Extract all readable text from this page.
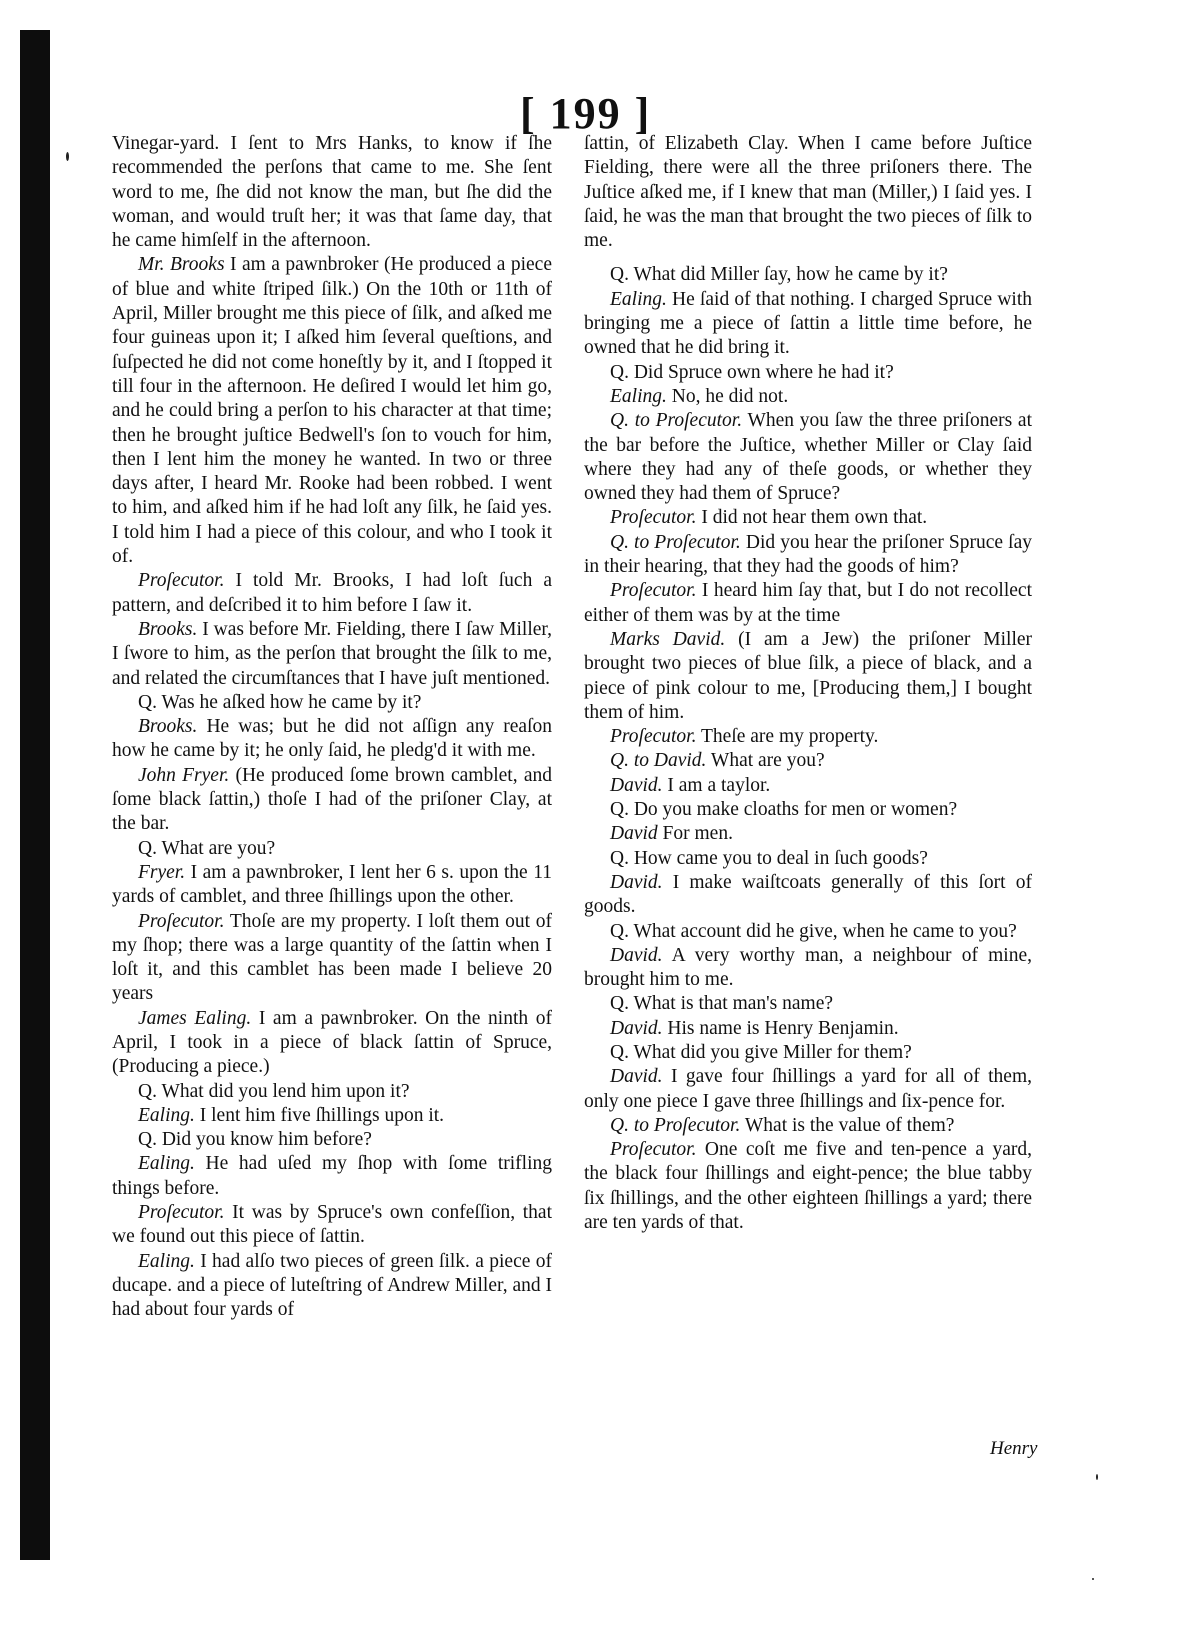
[ 199 ]

Vinegar-yard. I ſent to Mrs Hanks, to know if ſhe recommended the perſons that came to me. She ſent word to me, ſhe did not know the man, but ſhe did the woman, and would truſt her; it was that ſame day, that he came himſelf in the afternoon.

Mr. Brooks I am a pawnbroker (He produced a piece of blue and white ſtriped ſilk.) On the 10th or 11th of April, Miller brought me this piece of ſilk, and aſked me four guineas upon it; I aſked him ſeveral queſtions, and ſuſpected he did not come honeſtly by it, and I ſtopped it till four in the afternoon. He deſired I would let him go, and he could bring a perſon to his character at that time; then he brought juſtice Bedwell's ſon to vouch for him, then I lent him the money he wanted. In two or three days after, I heard Mr. Rooke had been robbed. I went to him, and aſked him if he had loſt any ſilk, he ſaid yes. I told him I had a piece of this colour, and who I took it of.

Proſecutor. I told Mr. Brooks, I had loſt ſuch a pattern, and deſcribed it to him before I ſaw it.

Brooks. I was before Mr. Fielding, there I ſaw Miller, I ſwore to him, as the perſon that brought the ſilk to me, and related the circumſtances that I have juſt mentioned.

Q. Was he aſked how he came by it?

Brooks. He was; but he did not aſſign any reaſon how he came by it; he only ſaid, he pledg'd it with me.

John Fryer. (He produced ſome brown camblet, and ſome black ſattin,) thoſe I had of the priſoner Clay, at the bar.

Q. What are you?

Fryer. I am a pawnbroker, I lent her 6 s. upon the 11 yards of camblet, and three ſhillings upon the other.

Proſecutor. Thoſe are my property. I loſt them out of my ſhop; there was a large quantity of the ſattin when I loſt it, and this camblet has been made I believe 20 years

James Ealing. I am a pawnbroker. On the ninth of April, I took in a piece of black ſattin of Spruce, (Producing a piece.)

Q. What did you lend him upon it?

Ealing. I lent him five ſhillings upon it.

Q. Did you know him before?

Ealing. He had uſed my ſhop with ſome trifling things before.

Proſecutor. It was by Spruce's own confeſſion, that we found out this piece of ſattin.

Ealing. I had alſo two pieces of green ſilk. a piece of ducape. and a piece of luteſtring of Andrew Miller, and I had about four yards of

ſattin, of Elizabeth Clay. When I came before Juſtice Fielding, there were all the three priſoners there. The Juſtice aſked me, if I knew that man (Miller,) I ſaid yes. I ſaid, he was the man that brought the two pieces of ſilk to me.

Q. What did Miller ſay, how he came by it?

Ealing. He ſaid of that nothing. I charged Spruce with bringing me a piece of ſattin a little time before, he owned that he did bring it.

Q. Did Spruce own where he had it?

Ealing. No, he did not.

Q. to Proſecutor. When you ſaw the three priſoners at the bar before the Juſtice, whether Miller or Clay ſaid where they had any of theſe goods, or whether they owned they had them of Spruce?

Proſecutor. I did not hear them own that.

Q. to Proſecutor. Did you hear the priſoner Spruce ſay in their hearing, that they had the goods of him?

Proſecutor. I heard him ſay that, but I do not recollect either of them was by at the time

Marks David. (I am a Jew) the priſoner Miller brought two pieces of blue ſilk, a piece of black, and a piece of pink colour to me, [Producing them,] I bought them of him.

Proſecutor. Theſe are my property.

Q. to David. What are you?

David. I am a taylor.

Q. Do you make cloaths for men or women?

David For men.

Q. How came you to deal in ſuch goods?

David. I make waiſtcoats generally of this ſort of goods.

Q. What account did he give, when he came to you?

David. A very worthy man, a neighbour of mine, brought him to me.

Q. What is that man's name?

David. His name is Henry Benjamin.

Q. What did you give Miller for them?

David. I gave four ſhillings a yard for all of them, only one piece I gave three ſhillings and ſix-pence for.

Q. to Proſecutor. What is the value of them?

Proſecutor. One coſt me five and ten-pence a yard, the black four ſhillings and eight-pence; the blue tabby ſix ſhillings, and the other eighteen ſhillings a yard; there are ten yards of that.

Henry
